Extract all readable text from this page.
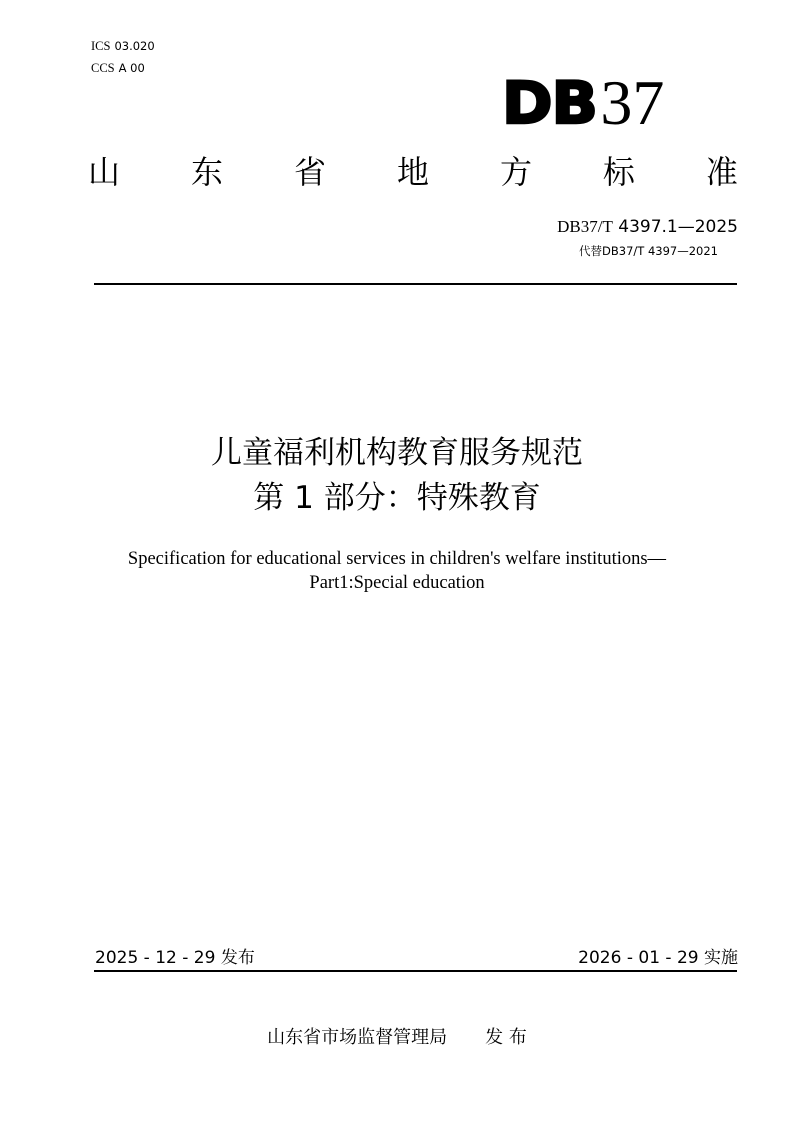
ICS 03.020
CCS A 00
DB 37
山 东 省 地 方 标 准
DB37/T 4397.1—2025
代替DB37/T 4397—2021
儿童福利机构教育服务规范
第 1 部分：特殊教育
Specification for educational services in children's welfare institutions—
Part1:Special education
2025 - 12 - 29 发布	2026 - 01 - 29 实施
山东省市场监督管理局 发 布
